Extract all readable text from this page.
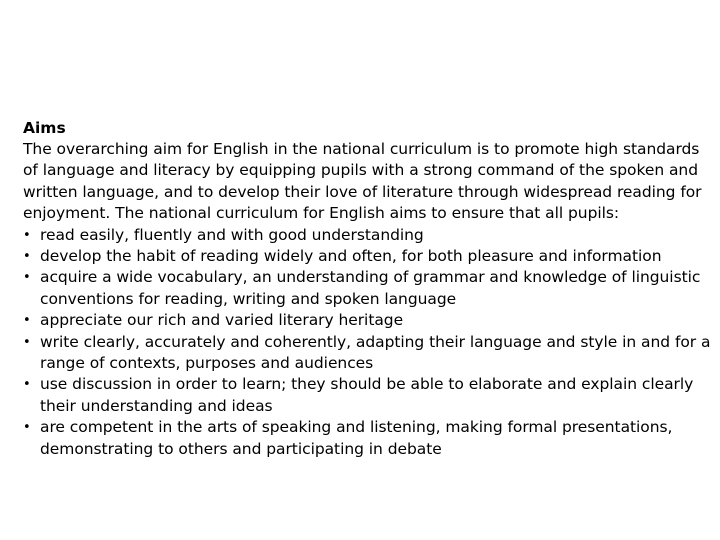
Aims

The overarching aim for English in the national curriculum is to promote high standards of language and literacy by equipping pupils with a strong command of the spoken and written language, and to develop their love of literature through widespread reading for enjoyment. The national curriculum for English aims to ensure that all pupils:

• read easily, fluently and with good understanding
• develop the habit of reading widely and often, for both pleasure and information
• acquire a wide vocabulary, an understanding of grammar and knowledge of linguistic conventions for reading, writing and spoken language
• appreciate our rich and varied literary heritage
• write clearly, accurately and coherently, adapting their language and style in and for a range of contexts, purposes and audiences
• use discussion in order to learn; they should be able to elaborate and explain clearly their understanding and ideas
• are competent in the arts of speaking and listening, making formal presentations, demonstrating to others and participating in debate
